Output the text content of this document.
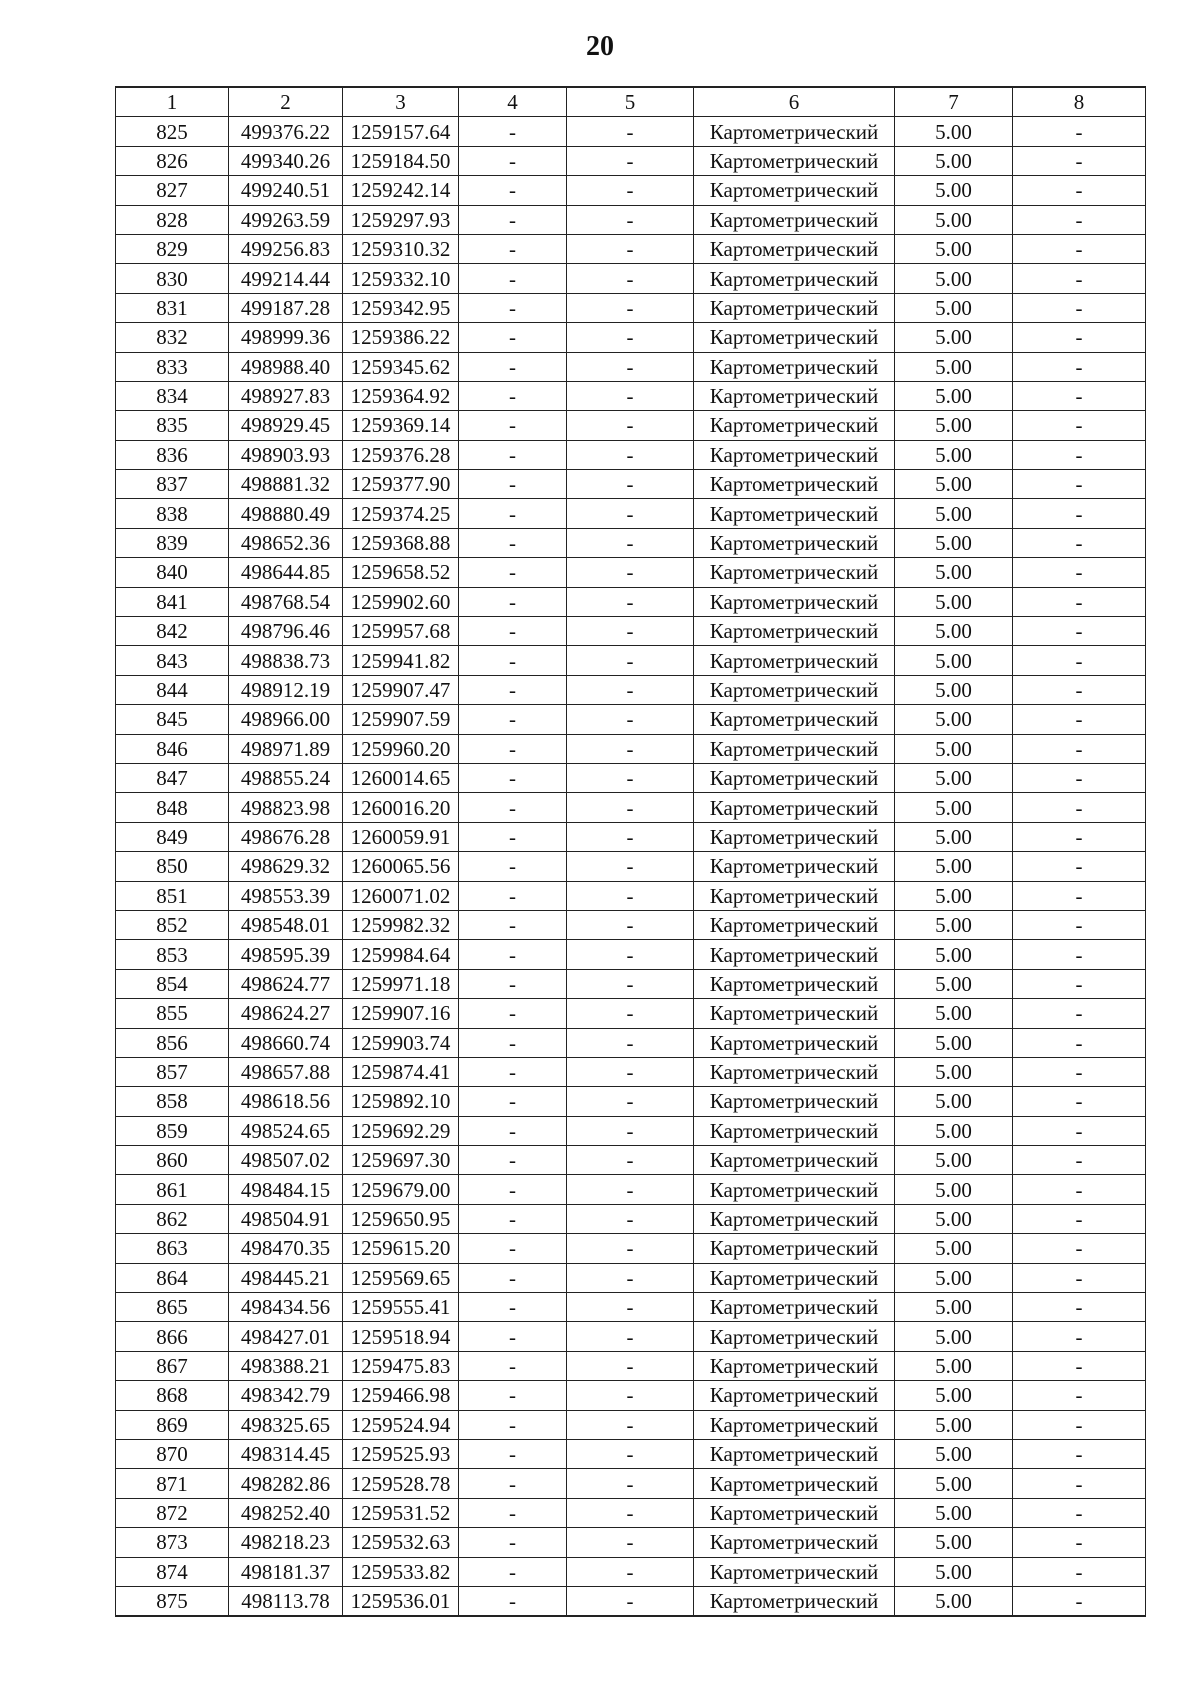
20
1	2	3	4	5	6	7	8
825	499376.22	1259157.64	-	-	Картометрический	5.00	-
826	499340.26	1259184.50	-	-	Картометрический	5.00	-
827	499240.51	1259242.14	-	-	Картометрический	5.00	-
828	499263.59	1259297.93	-	-	Картометрический	5.00	-
829	499256.83	1259310.32	-	-	Картометрический	5.00	-
830	499214.44	1259332.10	-	-	Картометрический	5.00	-
831	499187.28	1259342.95	-	-	Картометрический	5.00	-
832	498999.36	1259386.22	-	-	Картометрический	5.00	-
833	498988.40	1259345.62	-	-	Картометрический	5.00	-
834	498927.83	1259364.92	-	-	Картометрический	5.00	-
835	498929.45	1259369.14	-	-	Картометрический	5.00	-
836	498903.93	1259376.28	-	-	Картометрический	5.00	-
837	498881.32	1259377.90	-	-	Картометрический	5.00	-
838	498880.49	1259374.25	-	-	Картометрический	5.00	-
839	498652.36	1259368.88	-	-	Картометрический	5.00	-
840	498644.85	1259658.52	-	-	Картометрический	5.00	-
841	498768.54	1259902.60	-	-	Картометрический	5.00	-
842	498796.46	1259957.68	-	-	Картометрический	5.00	-
843	498838.73	1259941.82	-	-	Картометрический	5.00	-
844	498912.19	1259907.47	-	-	Картометрический	5.00	-
845	498966.00	1259907.59	-	-	Картометрический	5.00	-
846	498971.89	1259960.20	-	-	Картометрический	5.00	-
847	498855.24	1260014.65	-	-	Картометрический	5.00	-
848	498823.98	1260016.20	-	-	Картометрический	5.00	-
849	498676.28	1260059.91	-	-	Картометрический	5.00	-
850	498629.32	1260065.56	-	-	Картометрический	5.00	-
851	498553.39	1260071.02	-	-	Картометрический	5.00	-
852	498548.01	1259982.32	-	-	Картометрический	5.00	-
853	498595.39	1259984.64	-	-	Картометрический	5.00	-
854	498624.77	1259971.18	-	-	Картометрический	5.00	-
855	498624.27	1259907.16	-	-	Картометрический	5.00	-
856	498660.74	1259903.74	-	-	Картометрический	5.00	-
857	498657.88	1259874.41	-	-	Картометрический	5.00	-
858	498618.56	1259892.10	-	-	Картометрический	5.00	-
859	498524.65	1259692.29	-	-	Картометрический	5.00	-
860	498507.02	1259697.30	-	-	Картометрический	5.00	-
861	498484.15	1259679.00	-	-	Картометрический	5.00	-
862	498504.91	1259650.95	-	-	Картометрический	5.00	-
863	498470.35	1259615.20	-	-	Картометрический	5.00	-
864	498445.21	1259569.65	-	-	Картометрический	5.00	-
865	498434.56	1259555.41	-	-	Картометрический	5.00	-
866	498427.01	1259518.94	-	-	Картометрический	5.00	-
867	498388.21	1259475.83	-	-	Картометрический	5.00	-
868	498342.79	1259466.98	-	-	Картометрический	5.00	-
869	498325.65	1259524.94	-	-	Картометрический	5.00	-
870	498314.45	1259525.93	-	-	Картометрический	5.00	-
871	498282.86	1259528.78	-	-	Картометрический	5.00	-
872	498252.40	1259531.52	-	-	Картометрический	5.00	-
873	498218.23	1259532.63	-	-	Картометрический	5.00	-
874	498181.37	1259533.82	-	-	Картометрический	5.00	-
875	498113.78	1259536.01	-	-	Картометрический	5.00	-
